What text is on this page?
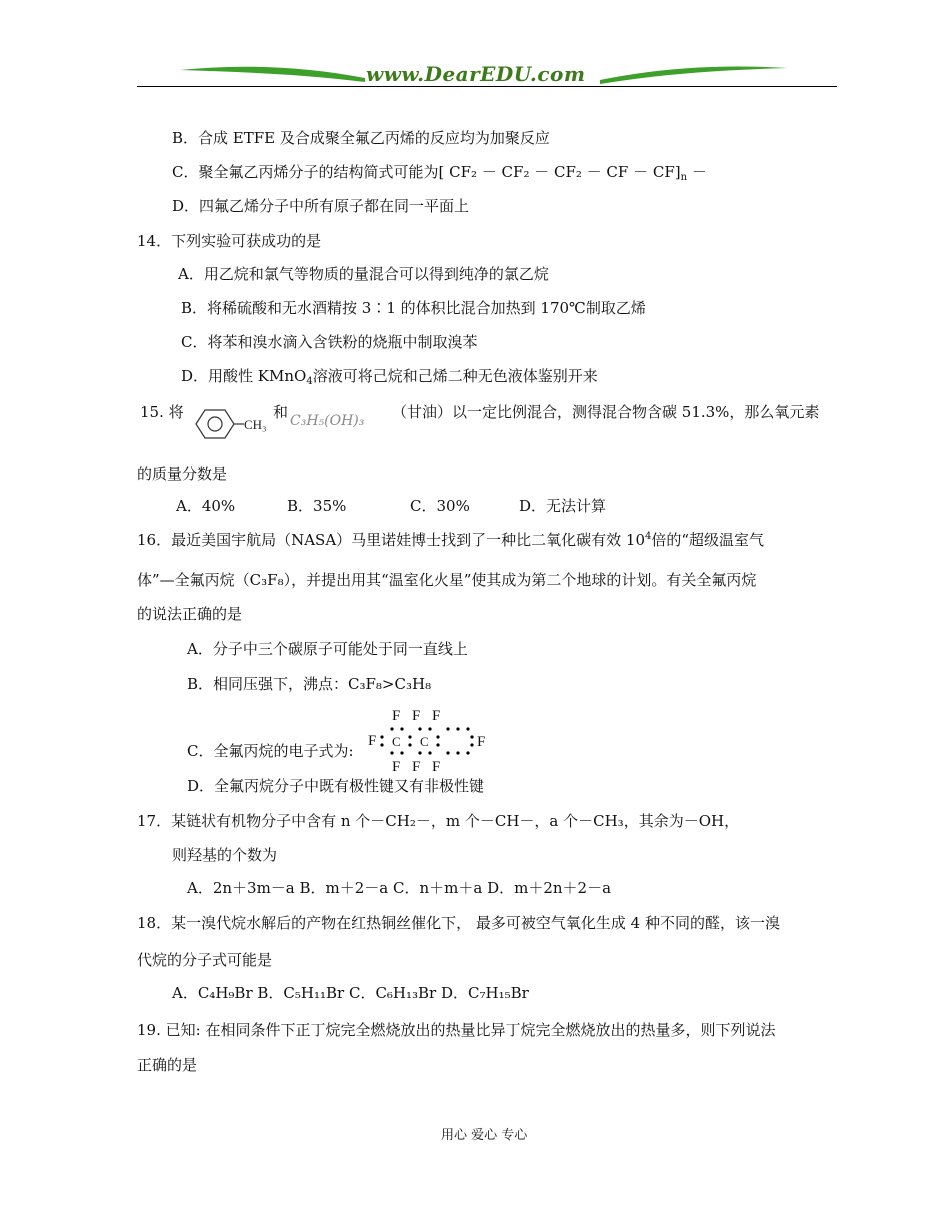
www.DearEDU.com
B．合成 ETFE 及合成聚全氟乙丙烯的反应均为加聚反应
C．聚全氟乙丙烯分子的结构简式可能为[ CF₂ － CF₂ － CF₂ － CF － $CF]_n$ －
D．四氟乙烯分子中所有原子都在同一平面上
14．下列实验可获成功的是
A．用乙烷和氯气等物质的量混合可以得到纯净的氯乙烷
B．将稀硫酸和无水酒精按 3∶1 的体积比混合加热到 170℃制取乙烯
C．将苯和溴水滴入含铁粉的烧瓶中制取溴苯
D．用酸性 KMnO$_4$溶液可将己烷和己烯二种无色液体鉴别开来
15. 将
CH₃
和 C₃H₅(OH)₃ （甘油）以一定比例混合，测得混合物含碳 51.3%，那么氧元素
的质量分数是
A．40%	B．35%	C．30%	D．无法计算
16．最近美国宇航局（NASA）马里诺娃博士找到了一种比二氧化碳有效 $10^4$倍的“超级温室气
体”—全氟丙烷（C₃F₈），并提出用其“温室化火星”使其成为第二个地球的计划。有关全氟丙烷
的说法正确的是
A．分子中三个碳原子可能处于同一直线上
B．相同压强下，沸点：C₃F₈>C₃H₈
C．全氟丙烷的电子式为:
F F F
F C C	F
F F F
D．全氟丙烷分子中既有极性键又有非极性键
17．某链状有机物分子中含有 n 个－CH₂－，m 个－CH－，a 个－CH₃，其余为－OH，
则羟基的个数为
A．2n＋3m－a B．m＋2－a C．n＋m＋a D．m＋2n＋2－a
18．某一溴代烷水解后的产物在红热铜丝催化下， 最多可被空气氧化生成 4 种不同的醛，该一溴
代烷的分子式可能是
A．C₄H₉Br B．C₅H₁₁Br C．C₆H₁₃Br D．C₇H₁₅Br
19. 已知: 在相同条件下正丁烷完全燃烧放出的热量比异丁烷完全燃烧放出的热量多，则下列说法
正确的是
用心 爱心 专心
